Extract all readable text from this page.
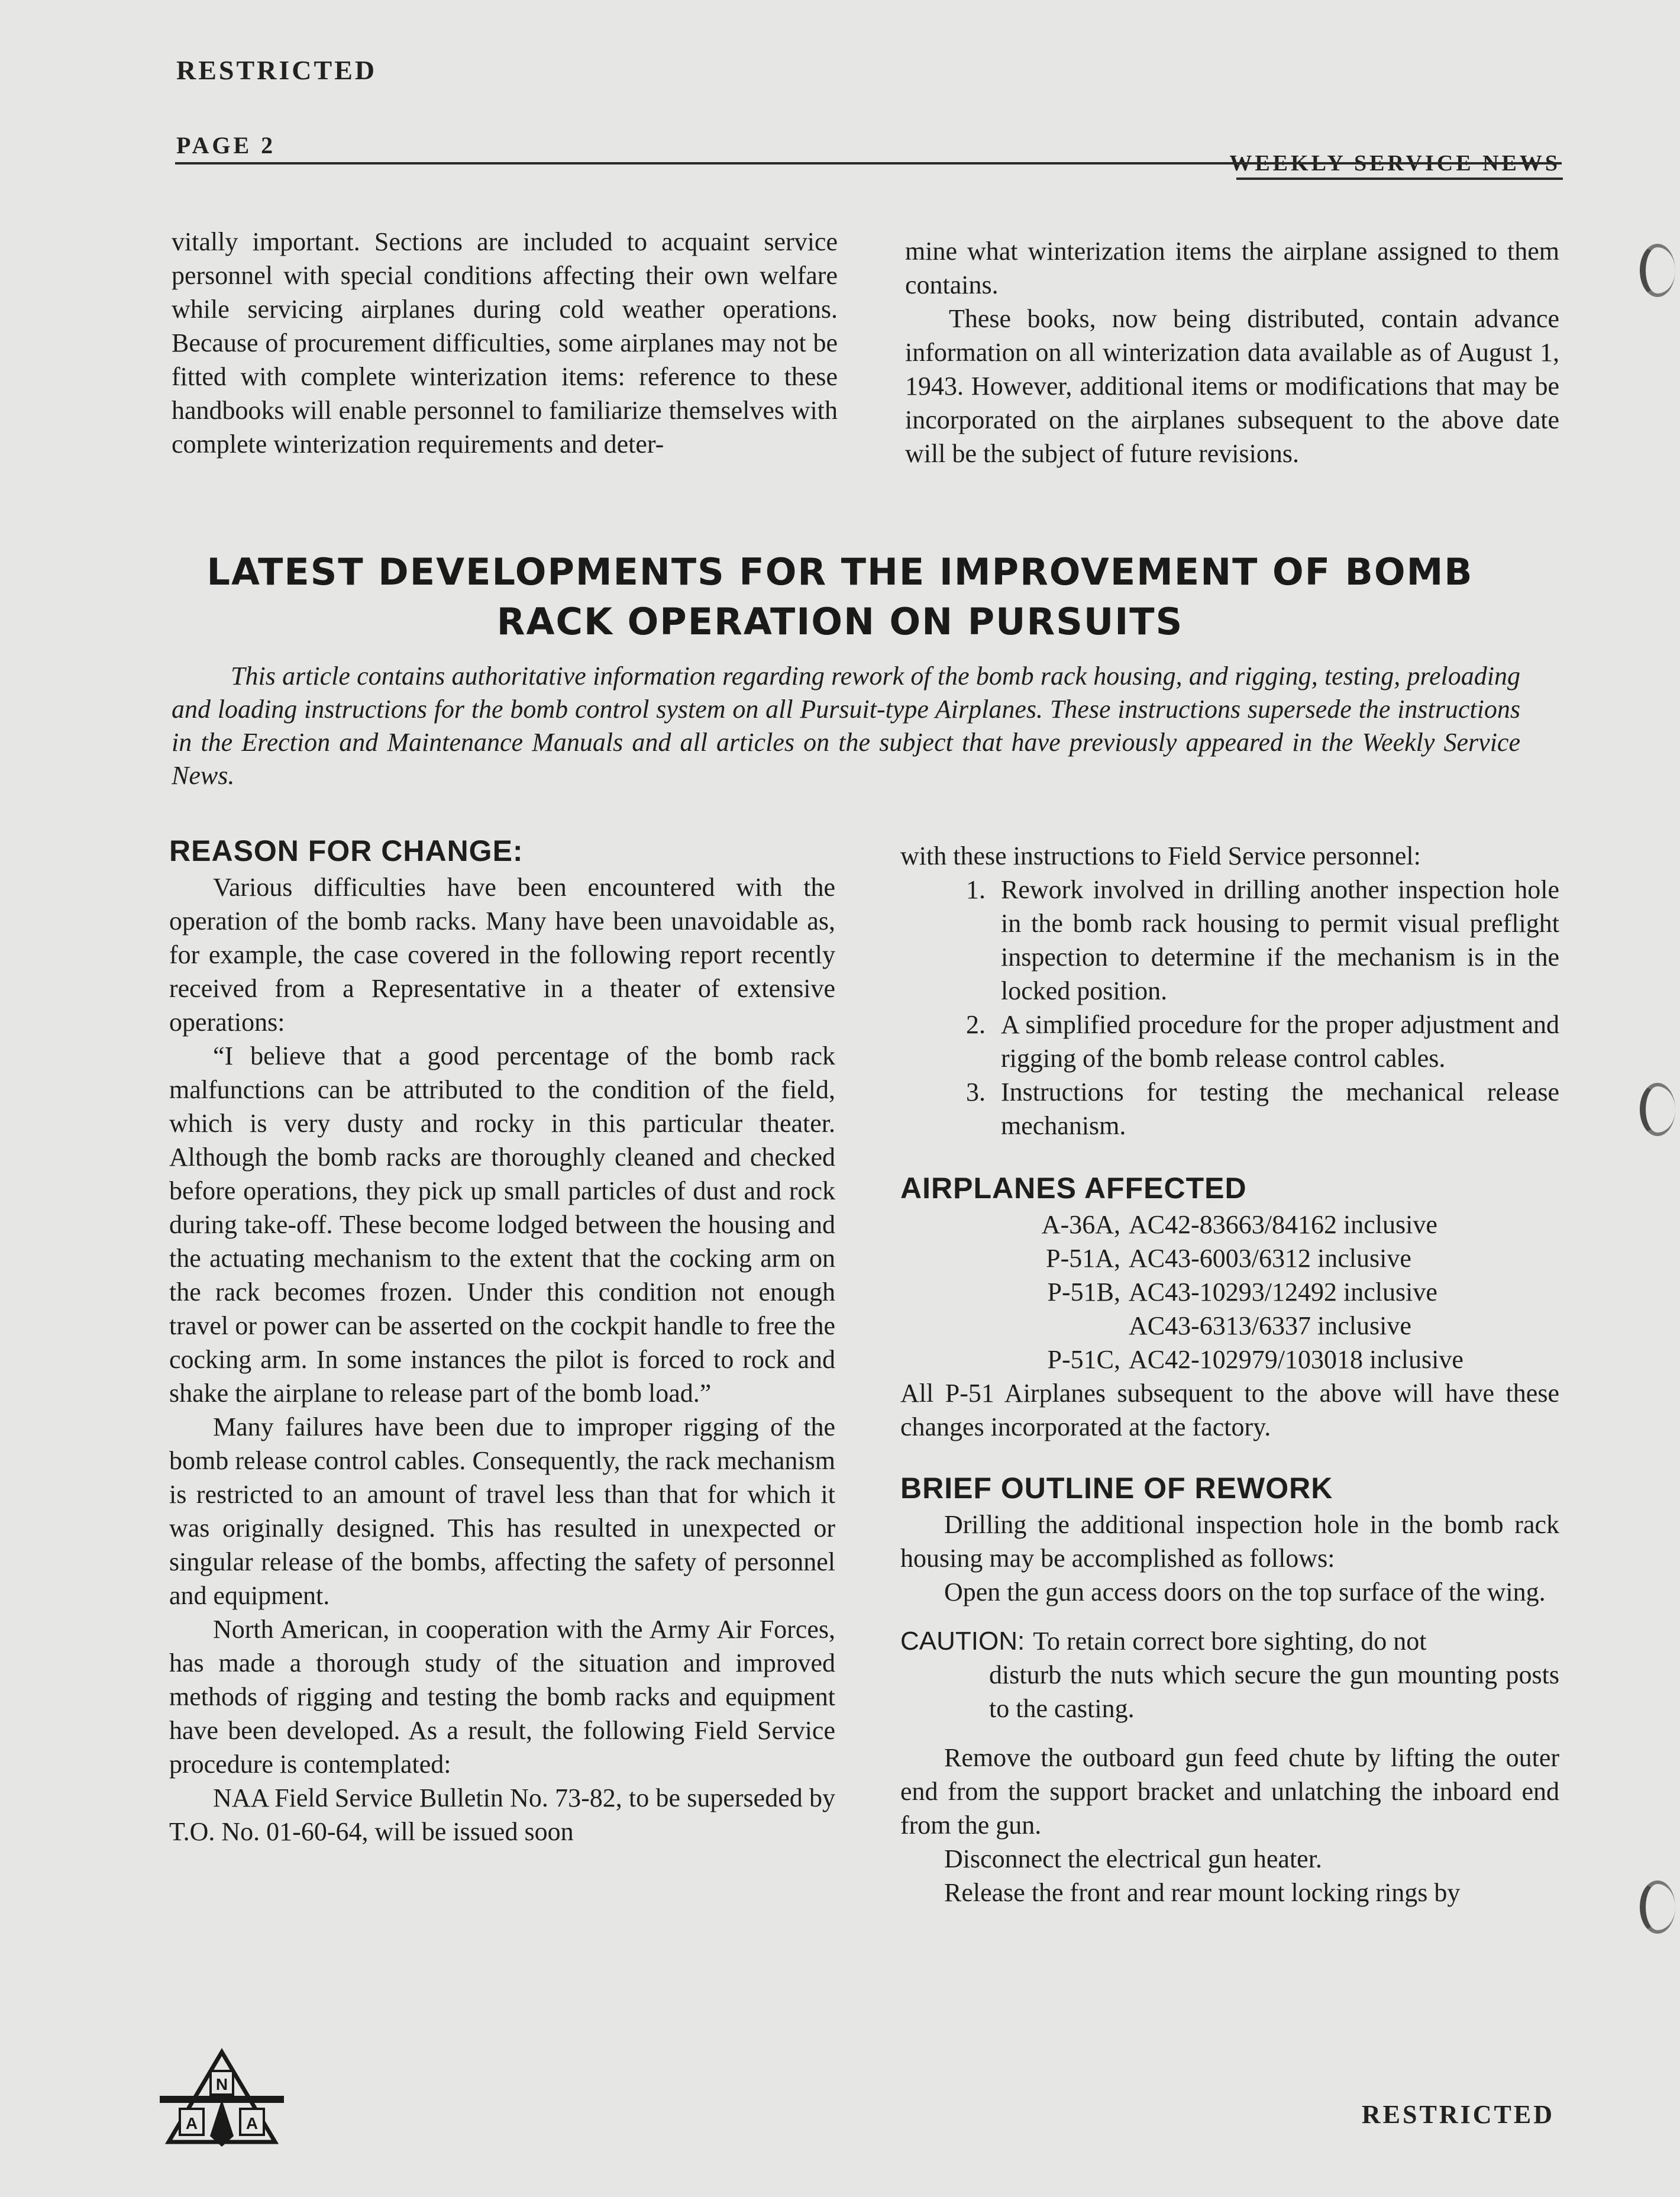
RESTRICTED
PAGE 2
WEEKLY SERVICE NEWS

vitally important. Sections are included to acquaint service personnel with special conditions affecting their own welfare while servicing airplanes during cold weather operations. Because of procurement difficulties, some airplanes may not be fitted with complete winterization items: reference to these handbooks will enable personnel to familiarize themselves with complete winterization requirements and deter-

mine what winterization items the airplane assigned to them contains.

These books, now being distributed, contain advance information on all winterization data available as of August 1, 1943. However, additional items or modifications that may be incorporated on the airplanes subsequent to the above date will be the subject of future revisions.

LATEST DEVELOPMENTS FOR THE IMPROVEMENT OF BOMB
RACK OPERATION ON PURSUITS
This article contains authoritative information regarding rework of the bomb rack housing, and rigging, testing, preloading and loading instructions for the bomb control system on all Pursuit-type Airplanes. These instructions supersede the instructions in the Erection and Maintenance Manuals and all articles on the subject that have previously appeared in the Weekly Service News.
REASON FOR CHANGE:

Various difficulties have been encountered with the operation of the bomb racks. Many have been unavoidable as, for example, the case covered in the following report recently received from a Representative in a theater of extensive operations:

“I believe that a good percentage of the bomb rack malfunctions can be attributed to the condition of the field, which is very dusty and rocky in this particular theater. Although the bomb racks are thoroughly cleaned and checked before operations, they pick up small particles of dust and rock during take-off. These become lodged between the housing and the actuating mechanism to the extent that the cocking arm on the rack becomes frozen. Under this condition not enough travel or power can be asserted on the cockpit handle to free the cocking arm. In some instances the pilot is forced to rock and shake the airplane to release part of the bomb load.”

Many failures have been due to improper rigging of the bomb release control cables. Consequently, the rack mechanism is restricted to an amount of travel less than that for which it was originally designed. This has resulted in unexpected or singular release of the bombs, affecting the safety of personnel and equipment.

North American, in cooperation with the Army Air Forces, has made a thorough study of the situation and improved methods of rigging and testing the bomb racks and equipment have been developed. As a result, the following Field Service procedure is contemplated:

NAA Field Service Bulletin No. 73-82, to be superseded by T.O. No. 01-60-64, will be issued soon

with these instructions to Field Service personnel:

1. Rework involved in drilling another inspection hole in the bomb rack housing to permit visual preflight inspection to determine if the mechanism is in the locked position.
2. A simplified procedure for the proper adjustment and rigging of the bomb release control cables.
3. Instructions for testing the mechanical release mechanism.
AIRPLANES AFFECTED
A-36A, AC42-83663/84162 inclusive
P-51A, AC43-6003/6312 inclusive
P-51B, AC43-10293/12492 inclusive
AC43-6313/6337 inclusive
P-51C, AC42-102979/103018 inclusive

All P-51 Airplanes subsequent to the above will have these changes incorporated at the factory.

BRIEF OUTLINE OF REWORK

Drilling the additional inspection hole in the bomb rack housing may be accomplished as follows:

Open the gun access doors on the top surface of the wing.

CAUTION: To retain correct bore sighting, do not

disturb the nuts which secure the gun mounting posts to the casting.

Remove the outboard gun feed chute by lifting the outer end from the support bracket and unlatching the inboard end from the gun.

Disconnect the electrical gun heater.

Release the front and rear mount locking rings by

N
A	A	RESTRICTED
